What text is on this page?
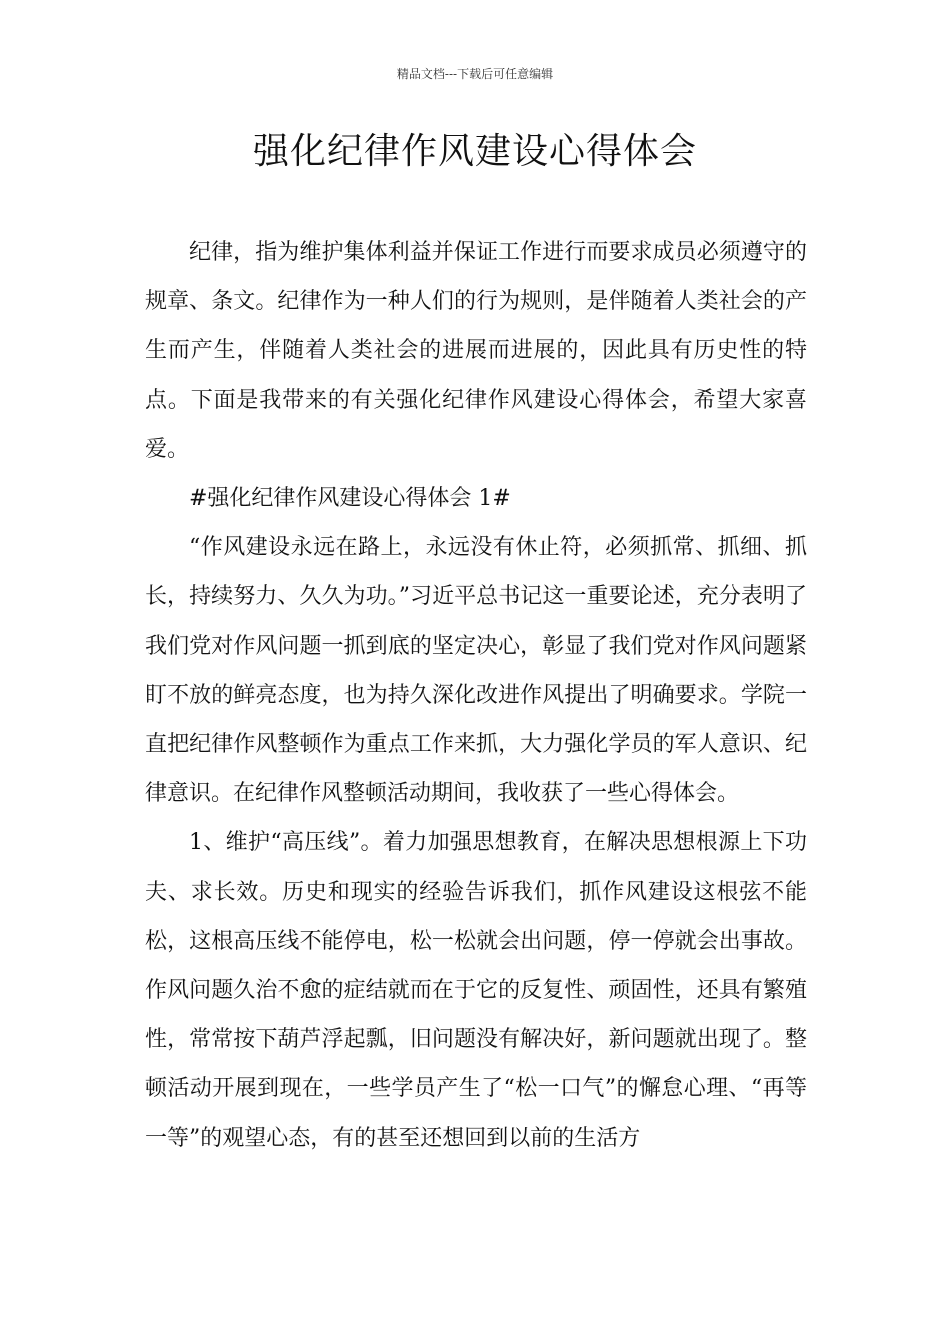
精品文档---下载后可任意编辑
强化纪律作风建设心得体会

纪律，指为维护集体利益并保证工作进行而要求成员必须遵守的规章、条文。纪律作为一种人们的行为规则，是伴随着人类社会的产生而产生，伴随着人类社会的进展而进展的，因此具有历史性的特点。下面是我带来的有关强化纪律作风建设心得体会，希望大家喜爱。

#强化纪律作风建设心得体会 1#

“作风建设永远在路上，永远没有休止符，必须抓常、抓细、抓长，持续努力、久久为功。”习近平总书记这一重要论述，充分表明了我们党对作风问题一抓到底的坚定决心，彰显了我们党对作风问题紧盯不放的鲜亮态度，也为持久深化改进作风提出了明确要求。学院一直把纪律作风整顿作为重点工作来抓，大力强化学员的军人意识、纪律意识。在纪律作风整顿活动期间，我收获了一些心得体会。

1、维护“高压线”。着力加强思想教育，在解决思想根源上下功夫、求长效。历史和现实的经验告诉我们，抓作风建设这根弦不能松，这根高压线不能停电，松一松就会出问题，停一停就会出事故。作风问题久治不愈的症结就而在于它的反复性、顽固性，还具有繁殖性，常常按下葫芦浮起瓢，旧问题没有解决好，新问题就出现了。整顿活动开展到现在，一些学员产生了“松一口气”的懈怠心理、“再等一等”的观望心态，有的甚至还想回到以前的生活方
